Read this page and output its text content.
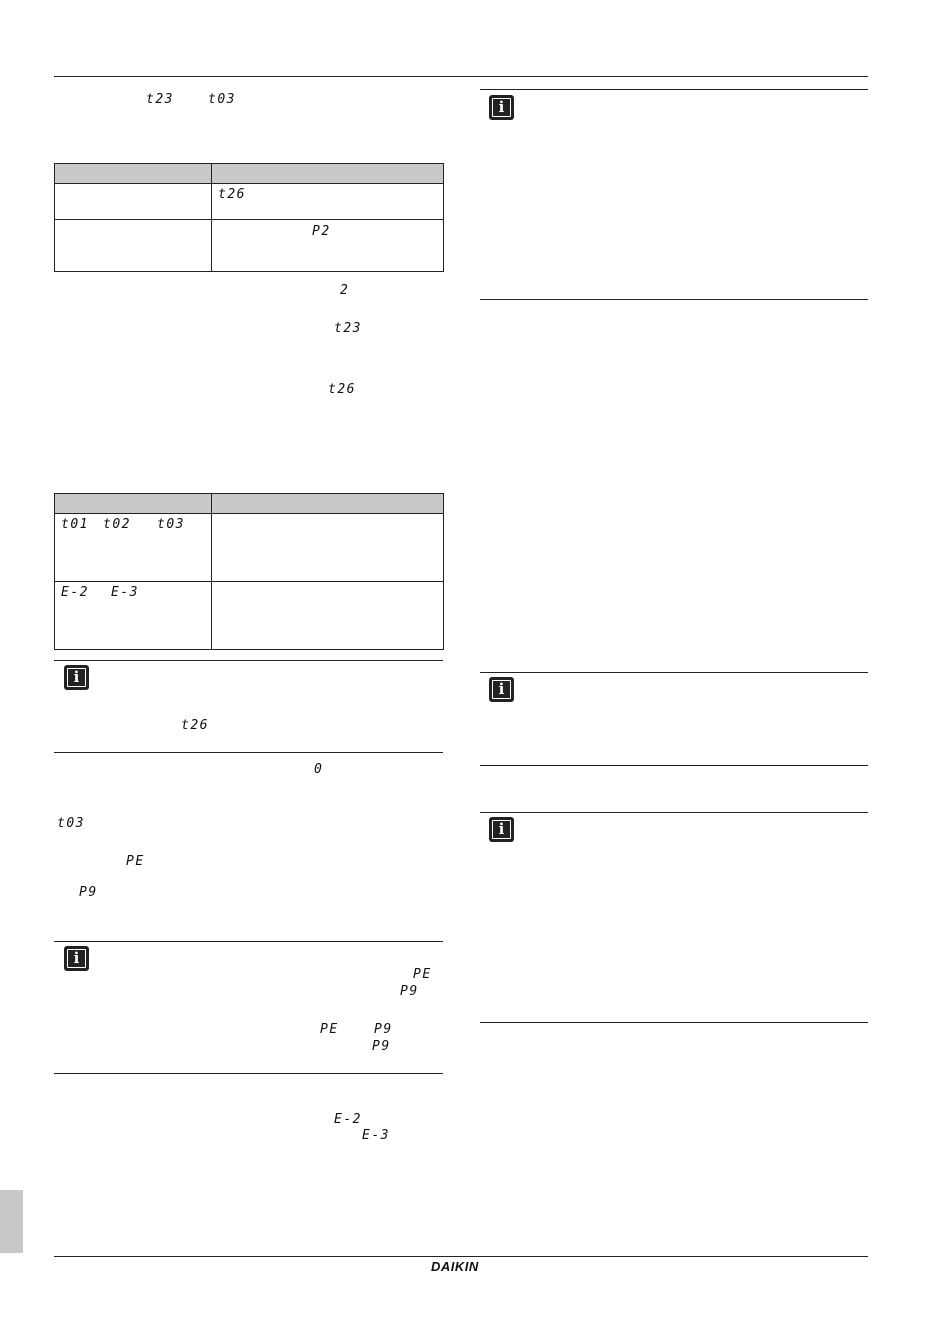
t23	t03

	t26

	P2
2
t23
t26

t01 t02 t03	

E-2 E-3	

i
t26
0
t03
PE
P9
i
PE
P9
PE	P9
P9
E-2
E-3
i
i
i
DAIKIN
